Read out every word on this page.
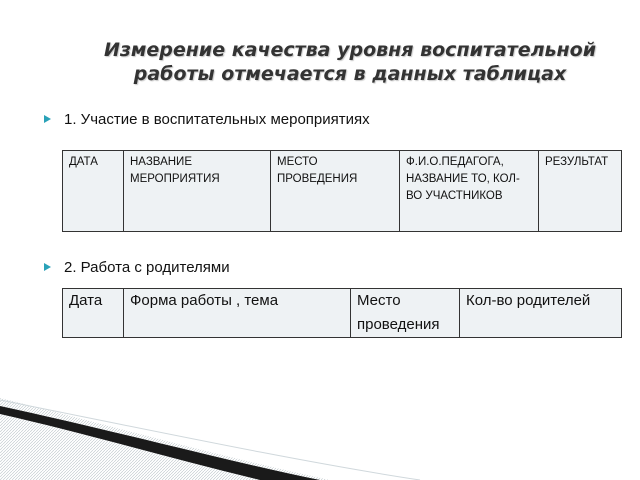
Измерение качества уровня воспитательной
работы отмечается в данных таблицах
1. Участие в воспитательных мероприятиях
ДАТА	НАЗВАНИЕ МЕРОПРИЯТИЯ	МЕСТО ПРОВЕДЕНИЯ	Ф.И.О.ПЕДАГОГА, НАЗВАНИЕ ТО, КОЛ-ВО УЧАСТНИКОВ	РЕЗУЛЬТАТ
2. Работа с родителями
Дата	Форма работы , тема	Место проведения	Кол-во родителей
